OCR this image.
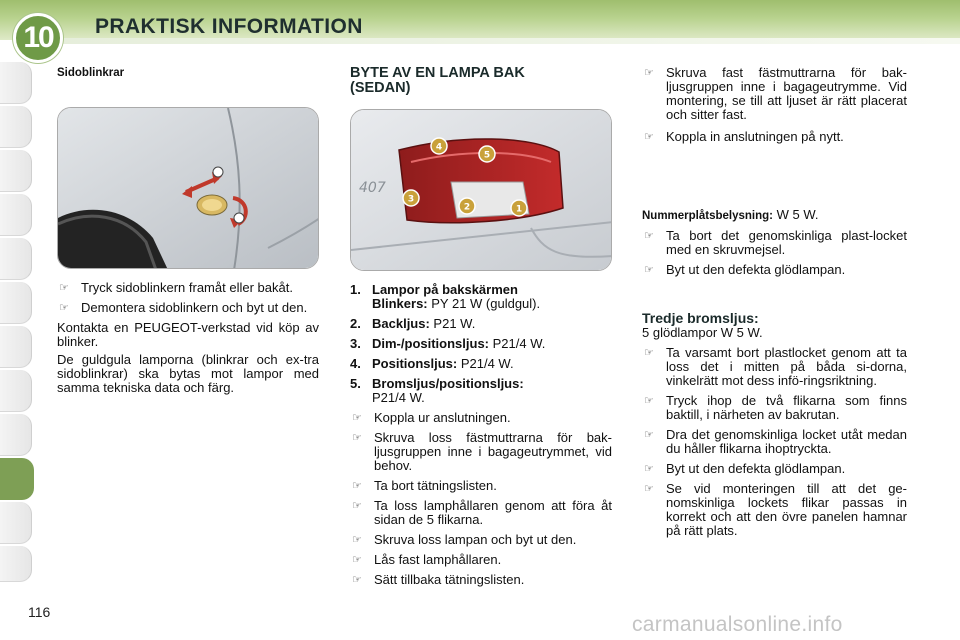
10	PRAKTISK INFORMATION
Sidoblinkrar
☞ Tryck sidoblinkern framåt eller bakåt.
☞ Demontera sidoblinkern och byt ut den.
Kontakta en PEUGEOT-verkstad vid köp av blinker.
De guldgula lamporna (blinkrar och ex-tra sidoblinkrar) ska bytas mot lampor med samma tekniska data och färg.
BYTE AV EN LAMPA BAK
(SEDAN)
407
4
5
3
2	1
1. Lampor på bakskärmen
Blinkers: PY 21 W (guldgul).
2. Backljus: P21 W.
3. Dim-/positionsljus: P21/4 W.
4. Positionsljus: P21/4 W.
5. Bromsljus/positionsljus:
P21/4 W.
☞ Koppla ur anslutningen.
☞ Skruva loss fästmuttrarna för bak-ljusgruppen inne i bagageutrymmet, vid behov.
☞ Ta bort tätningslisten.
☞ Ta loss lamphållaren genom att föra åt sidan de 5 flikarna.
☞ Skruva loss lampan och byt ut den.
☞ Lås fast lamphållaren.
☞ Sätt tillbaka tätningslisten.
☞ Skruva fast fästmuttrarna för bak-ljusgruppen inne i bagageutrymme. Vid montering, se till att ljuset är rätt placerat och sitter fast.
☞ Koppla in anslutningen på nytt.
Nummerplåtsbelysning: W 5 W.
☞ Ta bort det genomskinliga plast-locket med en skruvmejsel.
☞ Byt ut den defekta glödlampan.
Tredje bromsljus:
5 glödlampor W 5 W.
☞ Ta varsamt bort plastlocket genom att ta loss det i mitten på båda si-dorna, vinkelrätt mot dess infö-ringsriktning.
☞ Tryck ihop de två flikarna som finns baktill, i närheten av bakrutan.
☞ Dra det genomskinliga locket utåt medan du håller flikarna ihoptryckta.
☞ Byt ut den defekta glödlampan.
☞ Se vid monteringen till att det ge-nomskinliga lockets flikar passas in korrekt och att den övre panelen hamnar på rätt plats.
116
carmanualsonline.info
